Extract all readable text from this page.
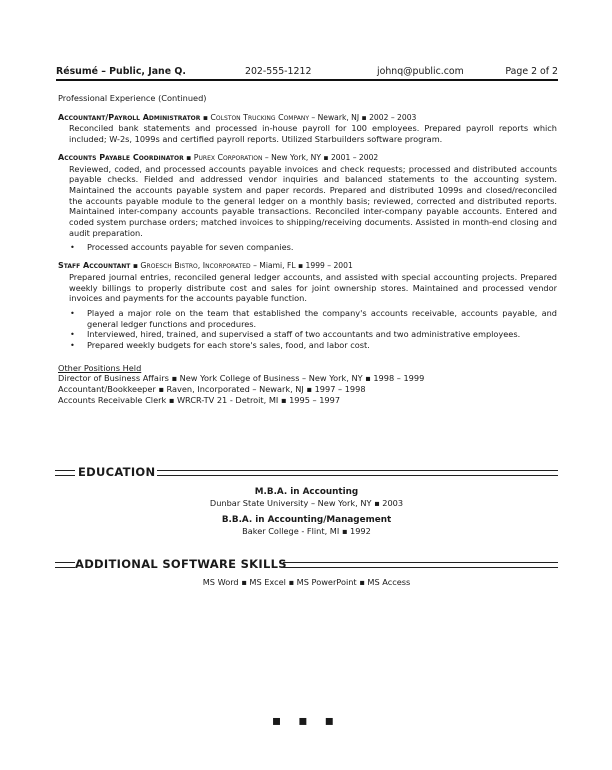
Résumé – Public, Jane Q.	202-555-1212	johnq@public.com	Page 2 of 2
Professional Experience (Continued)
Accountant/Payroll Administrator ▪ Colston Trucking Company – Newark, NJ ▪ 2002 – 2003
Reconciled bank statements and processed in-house payroll for 100 employees. Prepared payroll reports which included; W-2s, 1099s and certified payroll reports. Utilized Starbuilders software program.
Accounts Payable Coordinator ▪ Purex Corporation – New York, NY ▪ 2001 – 2002
Reviewed, coded, and processed accounts payable invoices and check requests; processed and distributed accounts payable checks. Fielded and addressed vendor inquiries and balanced statements to the accounting system. Maintained the accounts payable system and paper records. Prepared and distributed 1099s and closed/reconciled the accounts payable module to the general ledger on a monthly basis; reviewed, corrected and distributed reports. Maintained inter-company accounts payable transactions. Reconciled inter-company payable accounts. Entered and coded system purchase orders; matched invoices to shipping/receiving documents. Assisted in month-end closing and audit preparation.
• Processed accounts payable for seven companies.
Staff Accountant ▪ Groesch Bistro, Incorporated – Miami, FL ▪ 1999 – 2001
Prepared journal entries, reconciled general ledger accounts, and assisted with special accounting projects. Prepared weekly billings to properly distribute cost and sales for joint ownership stores. Maintained and processed vendor invoices and payments for the accounts payable function.
• Played a major role on the team that established the company's accounts receivable, accounts payable, and general ledger functions and procedures.
• Interviewed, hired, trained, and supervised a staff of two accountants and two administrative employees.
• Prepared weekly budgets for each store's sales, food, and labor cost.
Other Positions Held
Director of Business Affairs ▪ New York College of Business – New York, NY ▪ 1998 – 1999
Accountant/Bookkeeper ▪ Raven, Incorporated – Newark, NJ ▪ 1997 – 1998
Accounts Receivable Clerk ▪ WRCR-TV 21 - Detroit, MI ▪ 1995 – 1997
EDUCATION
M.B.A. in Accounting
Dunbar State University – New York, NY ▪ 2003
B.B.A. in Accounting/Management
Baker College - Flint, MI ▪ 1992
ADDITIONAL SOFTWARE SKILLS
MS Word ▪ MS Excel ▪ MS PowerPoint ▪ MS Access
▪ ▪ ▪
